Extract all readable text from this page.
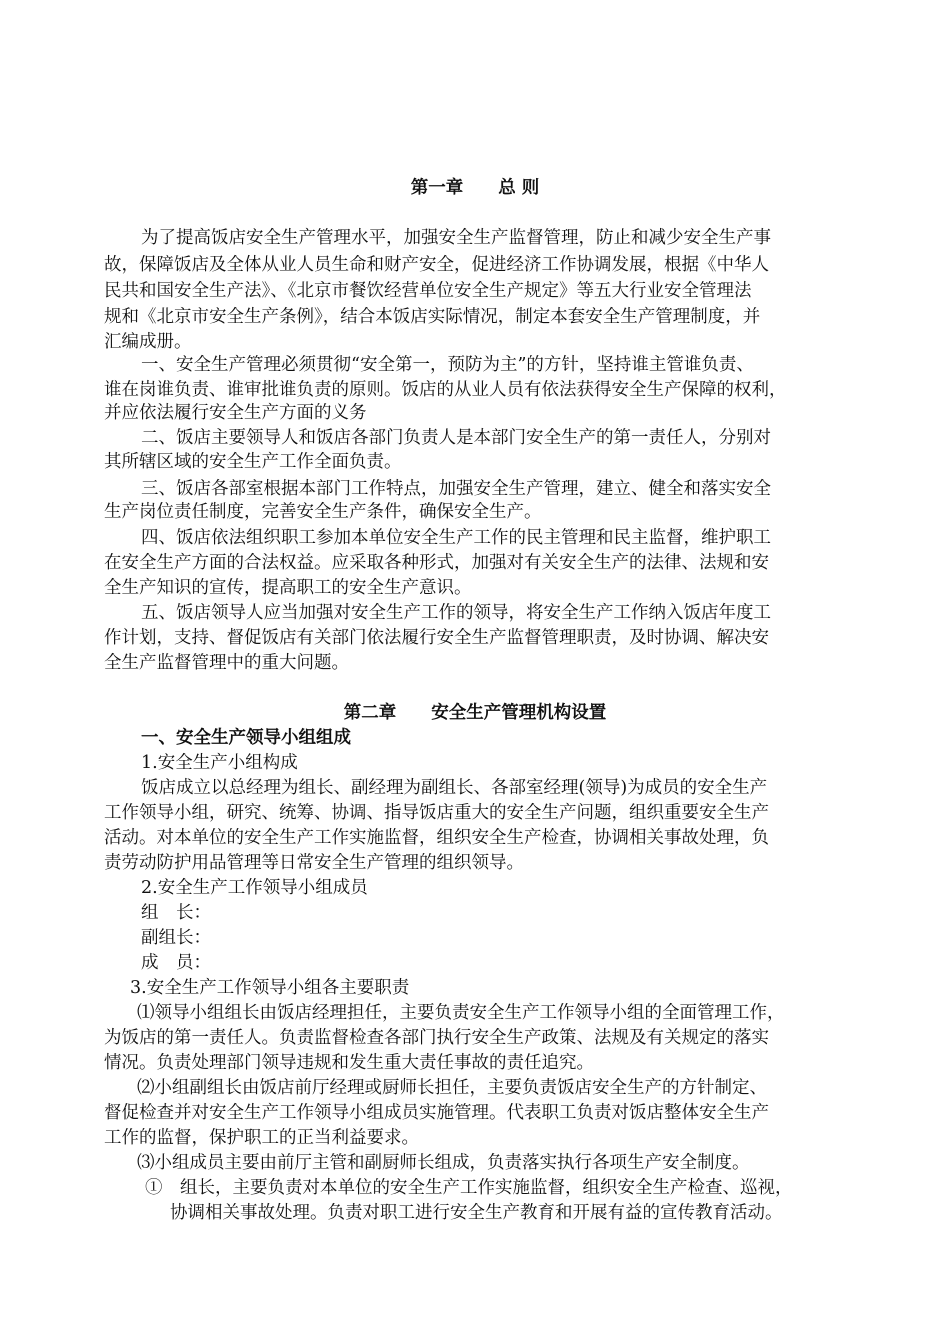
第一章　　总 则
为了提高饭店安全生产管理水平，加强安全生产监督管理，防止和减少安全生产事
故，保障饭店及全体从业人员生命和财产安全，促进经济工作协调发展，根据《中华人
民共和国安全生产法》、《北京市餐饮经营单位安全生产规定》等五大行业安全管理法
规和《北京市安全生产条例》，结合本饭店实际情况，制定本套安全生产管理制度，并
汇编成册。
一、安全生产管理必须贯彻“安全第一，预防为主”的方针，坚持谁主管谁负责、
谁在岗谁负责、谁审批谁负责的原则。饭店的从业人员有依法获得安全生产保障的权利，
并应依法履行安全生产方面的义务
二、饭店主要领导人和饭店各部门负责人是本部门安全生产的第一责任人，分别对
其所辖区域的安全生产工作全面负责。
三、饭店各部室根据本部门工作特点，加强安全生产管理，建立、健全和落实安全
生产岗位责任制度，完善安全生产条件，确保安全生产。
四、饭店依法组织职工参加本单位安全生产工作的民主管理和民主监督，维护职工
在安全生产方面的合法权益。应采取各种形式，加强对有关安全生产的法律、法规和安
全生产知识的宣传，提高职工的安全生产意识。
五、饭店领导人应当加强对安全生产工作的领导，将安全生产工作纳入饭店年度工
作计划，支持、督促饭店有关部门依法履行安全生产监督管理职责，及时协调、解决安
全生产监督管理中的重大问题。
第二章　　安全生产管理机构设置
一、安全生产领导小组组成
1.安全生产小组构成
饭店成立以总经理为组长、副经理为副组长、各部室经理(领导)为成员的安全生产
工作领导小组，研究、统筹、协调、指导饭店重大的安全生产问题，组织重要安全生产
活动。对本单位的安全生产工作实施监督，组织安全生产检查，协调相关事故处理，负
责劳动防护用品管理等日常安全生产管理的组织领导。
2.安全生产工作领导小组成员
组　长：
副组长：
成　员：
3.安全生产工作领导小组各主要职责
⑴领导小组组长由饭店经理担任，主要负责安全生产工作领导小组的全面管理工作，
为饭店的第一责任人。负责监督检查各部门执行安全生产政策、法规及有关规定的落实
情况。负责处理部门领导违规和发生重大责任事故的责任追究。
⑵小组副组长由饭店前厅经理或厨师长担任，主要负责饭店安全生产的方针制定、
督促检查并对安全生产工作领导小组成员实施管理。代表职工负责对饭店整体安全生产
工作的监督，保护职工的正当利益要求。
⑶小组成员主要由前厅主管和副厨师长组成，负责落实执行各项生产安全制度。
①　组长，主要负责对本单位的安全生产工作实施监督，组织安全生产检查、巡视，
协调相关事故处理。负责对职工进行安全生产教育和开展有益的宣传教育活动。
